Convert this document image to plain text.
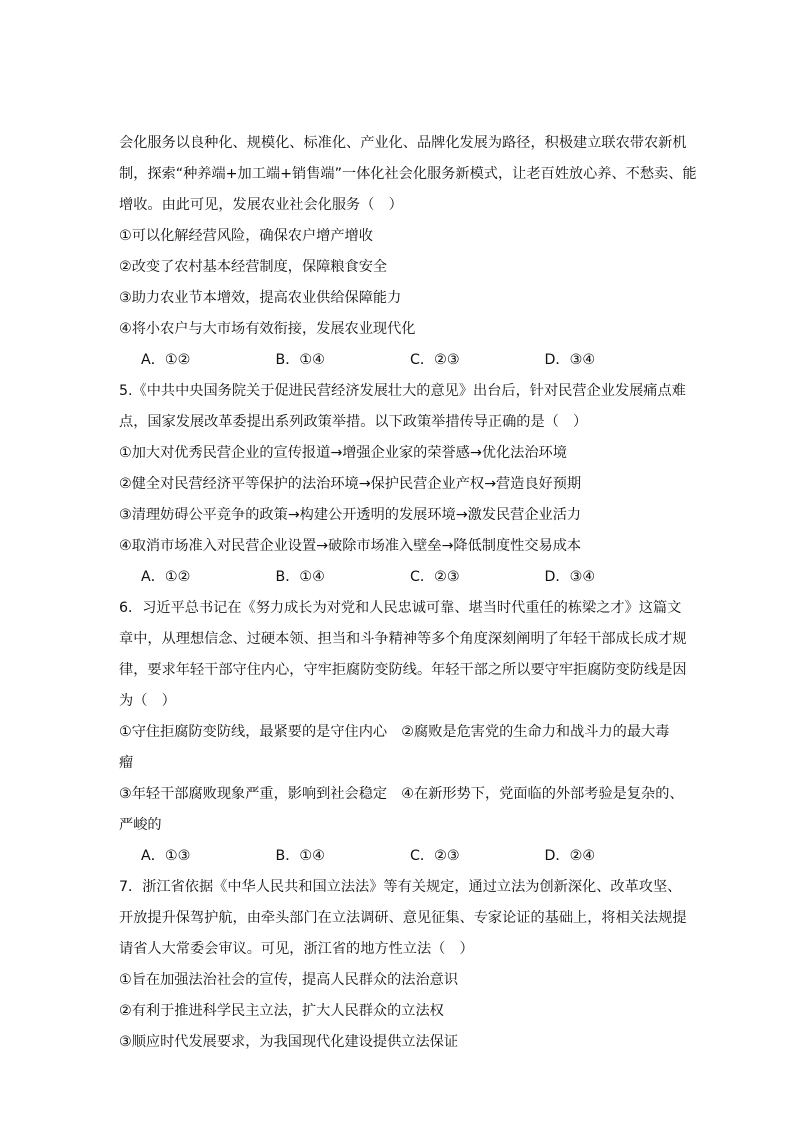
会化服务以良种化、规模化、标准化、产业化、品牌化发展为路径，积极建立联农带农新机
制，探索“种养端+加工端+销售端”一体化社会化服务新模式，让老百姓放心养、不愁卖、能
增收。由此可见，发展农业社会化服务（　）
①可以化解经营风险，确保农户增产增收
②改变了农村基本经营制度，保障粮食安全
③助力农业节本增效，提高农业供给保障能力
④将小农户与大市场有效衔接，发展农业现代化
A．①②	B．①④	C．②③	D．③④
5.《中共中央国务院关于促进民营经济发展壮大的意见》出台后，针对民营企业发展痛点难
点，国家发展改革委提出系列政策举措。以下政策举措传导正确的是（　）
①加大对优秀民营企业的宣传报道→增强企业家的荣誉感→优化法治环境
②健全对民营经济平等保护的法治环境→保护民营企业产权→营造良好预期
③清理妨碍公平竞争的政策→构建公开透明的发展环境→激发民营企业活力
④取消市场准入对民营企业设置→破除市场准入壁垒→降低制度性交易成本
A．①②	B．①④	C．②③	D．③④
6．习近平总书记在《努力成长为对党和人民忠诚可靠、堪当时代重任的栋梁之才》这篇文
章中，从理想信念、过硬本领、担当和斗争精神等多个角度深刻阐明了年轻干部成长成才规
律，要求年轻干部守住内心，守牢拒腐防变防线。年轻干部之所以要守牢拒腐防变防线是因
为（　）
①守住拒腐防变防线，最紧要的是守住内心　②腐败是危害党的生命力和战斗力的最大毒
瘤
③年轻干部腐败现象严重，影响到社会稳定　④在新形势下，党面临的外部考验是复杂的、
严峻的
A．①③	B．①④	C．②③	D．②④
7．浙江省依据《中华人民共和国立法法》等有关规定，通过立法为创新深化、改革攻坚、
开放提升保驾护航，由牵头部门在立法调研、意见征集、专家论证的基础上，将相关法规提
请省人大常委会审议。可见，浙江省的地方性立法（　）
①旨在加强法治社会的宣传，提高人民群众的法治意识
②有利于推进科学民主立法，扩大人民群众的立法权
③顺应时代发展要求，为我国现代化建设提供立法保证
